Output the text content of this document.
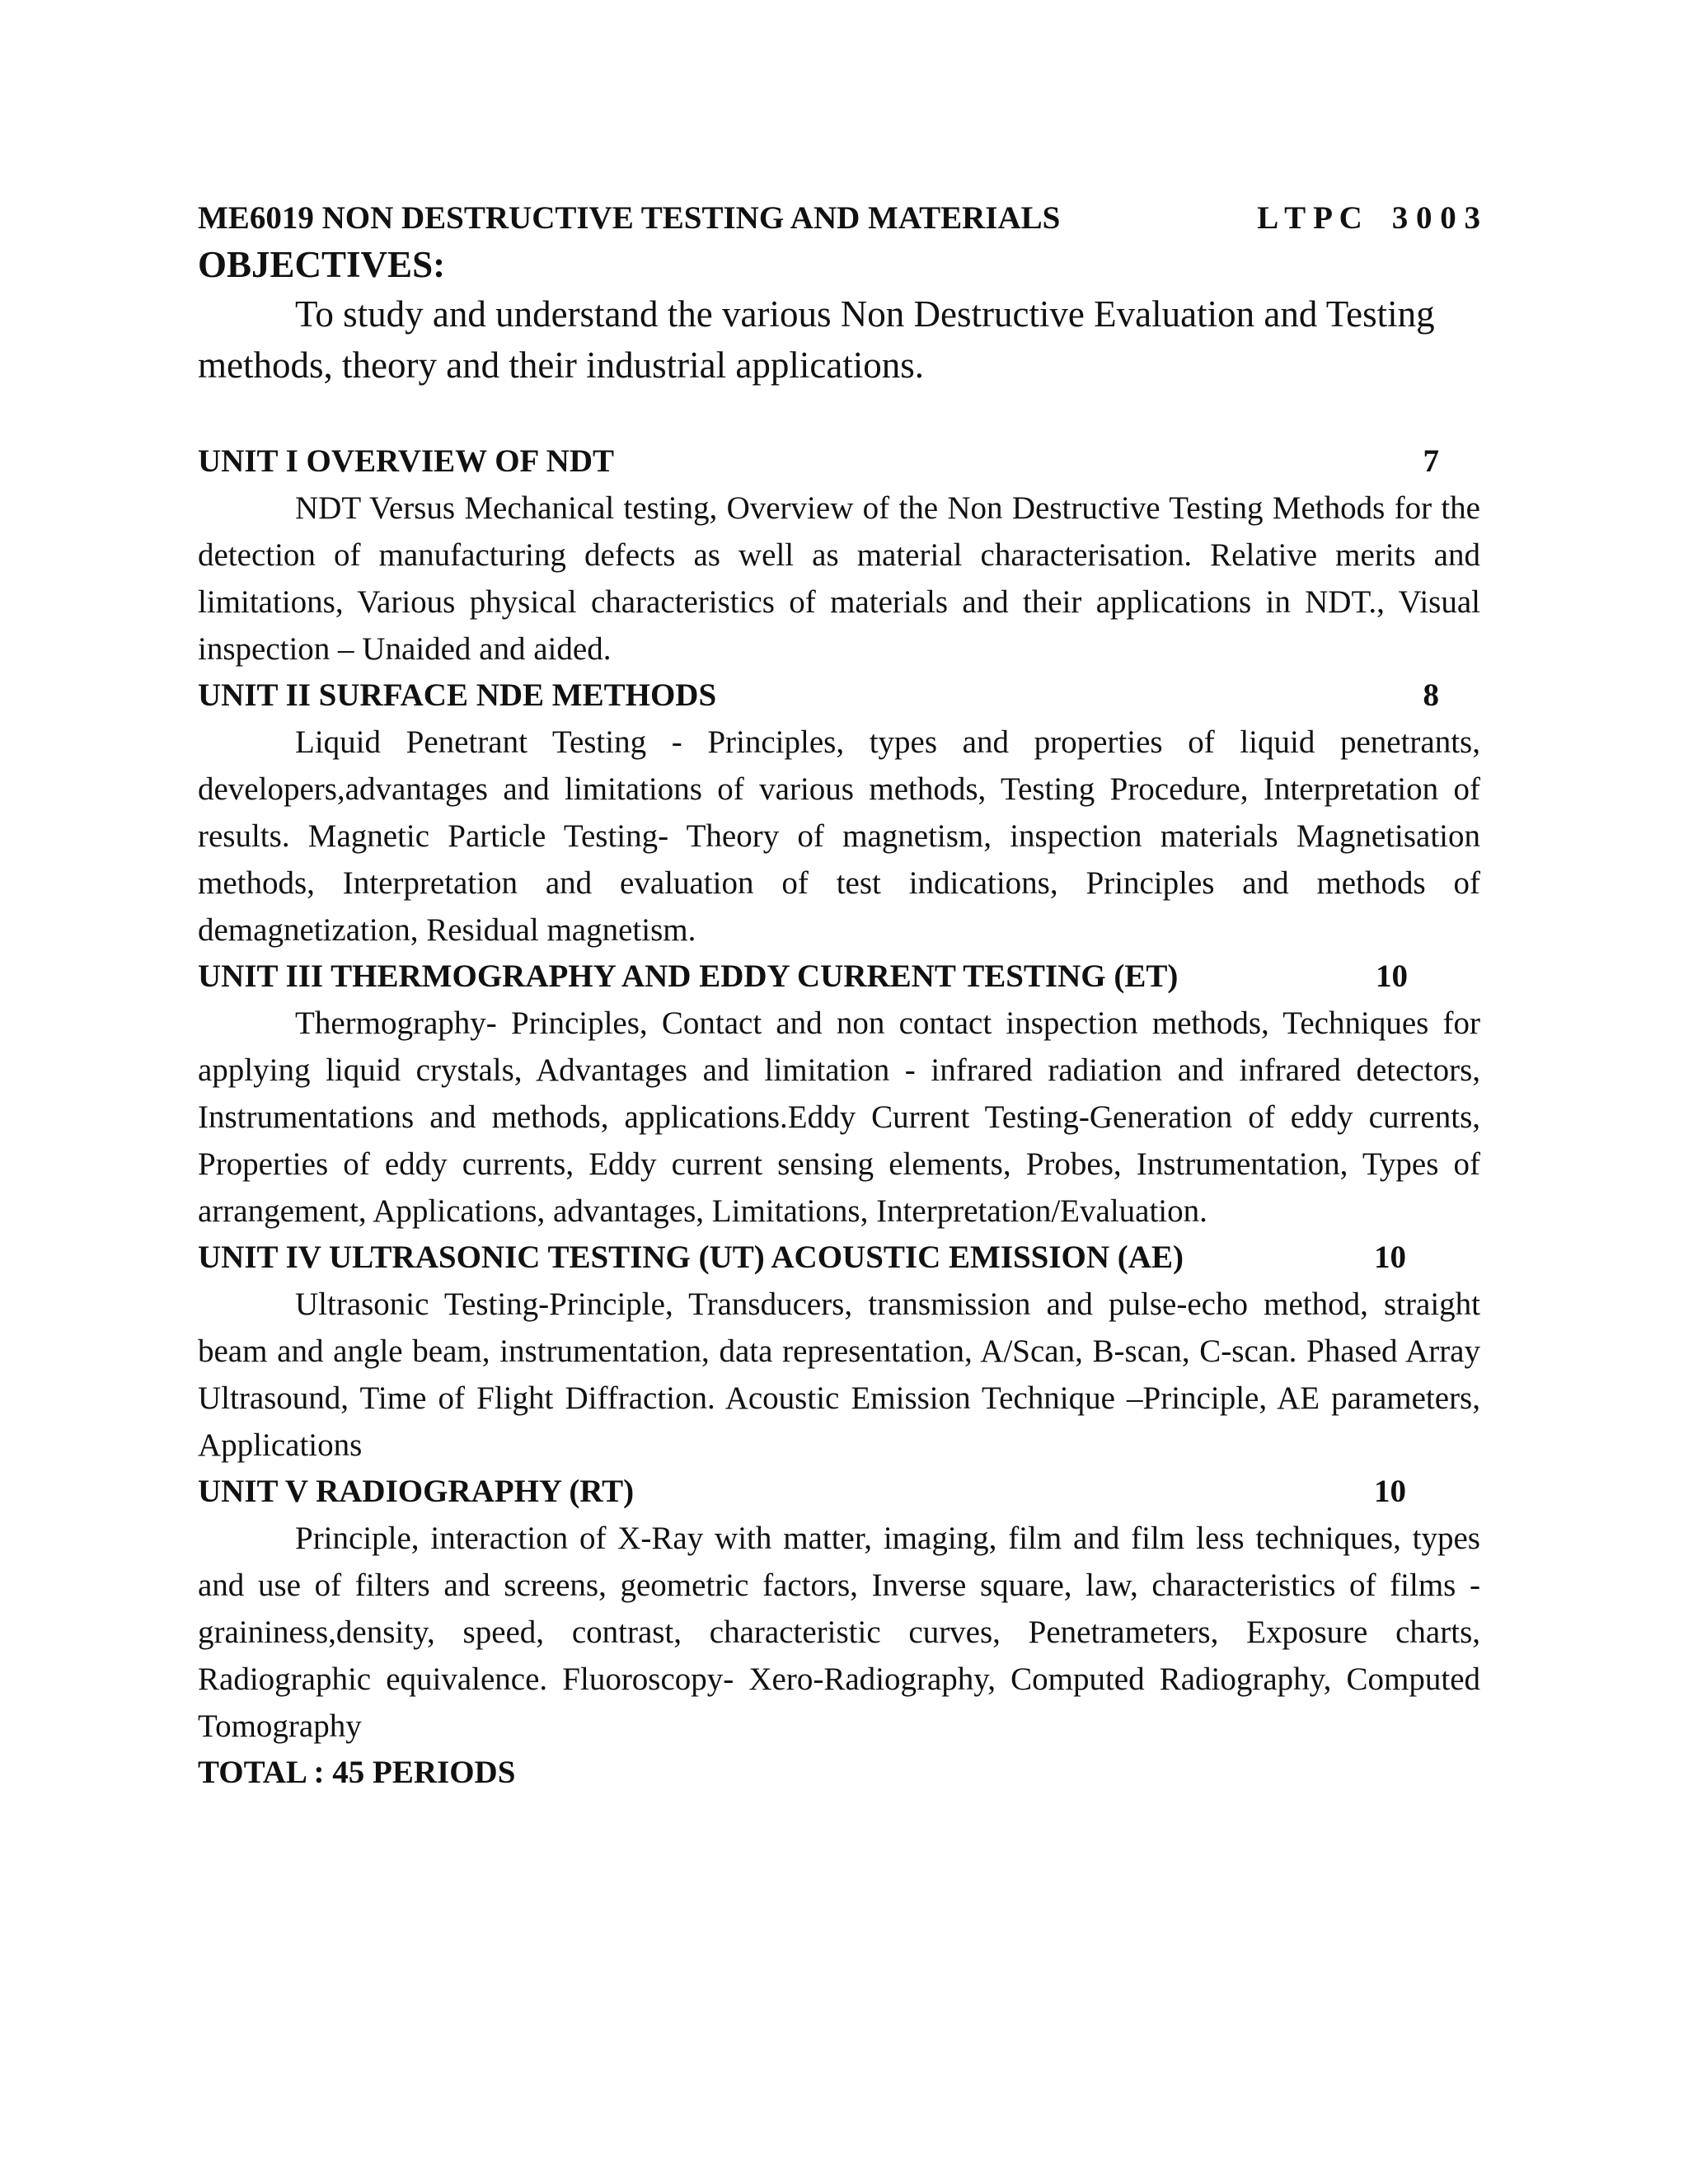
ME6019 NON DESTRUCTIVE TESTING AND MATERIALS	L T P C 3 0 0 3
OBJECTIVES:

To study and understand the various Non Destructive Evaluation and Testing methods, theory and their industrial applications.

UNIT I OVERVIEW OF NDT	7

NDT Versus Mechanical testing, Overview of the Non Destructive Testing Methods for the detection of manufacturing defects as well as material characterisation. Relative merits and limitations, Various physical characteristics of materials and their applications in NDT., Visual inspection – Unaided and aided.

UNIT II SURFACE NDE METHODS	8

Liquid Penetrant Testing - Principles, types and properties of liquid penetrants, developers,advantages and limitations of various methods, Testing Procedure, Interpretation of results. Magnetic Particle Testing- Theory of magnetism, inspection materials Magnetisation methods, Interpretation and evaluation of test indications, Principles and methods of demagnetization, Residual magnetism.

UNIT III THERMOGRAPHY AND EDDY CURRENT TESTING (ET)	10

Thermography- Principles, Contact and non contact inspection methods, Techniques for applying liquid crystals, Advantages and limitation - infrared radiation and infrared detectors, Instrumentations and methods, applications.Eddy Current Testing-Generation of eddy currents, Properties of eddy currents, Eddy current sensing elements, Probes, Instrumentation, Types of arrangement, Applications, advantages, Limitations, Interpretation/Evaluation.

UNIT IV ULTRASONIC TESTING (UT) ACOUSTIC EMISSION (AE)	10

Ultrasonic Testing-Principle, Transducers, transmission and pulse-echo method, straight beam and angle beam, instrumentation, data representation, A/Scan, B-scan, C-scan. Phased Array Ultrasound, Time of Flight Diffraction. Acoustic Emission Technique –Principle, AE parameters, Applications

UNIT V RADIOGRAPHY (RT)	10

Principle, interaction of X-Ray with matter, imaging, film and film less techniques, types and use of filters and screens, geometric factors, Inverse square, law, characteristics of films - graininess,density, speed, contrast, characteristic curves, Penetrameters, Exposure charts, Radiographic equivalence. Fluoroscopy- Xero-Radiography, Computed Radiography, Computed Tomography

TOTAL : 45 PERIODS
